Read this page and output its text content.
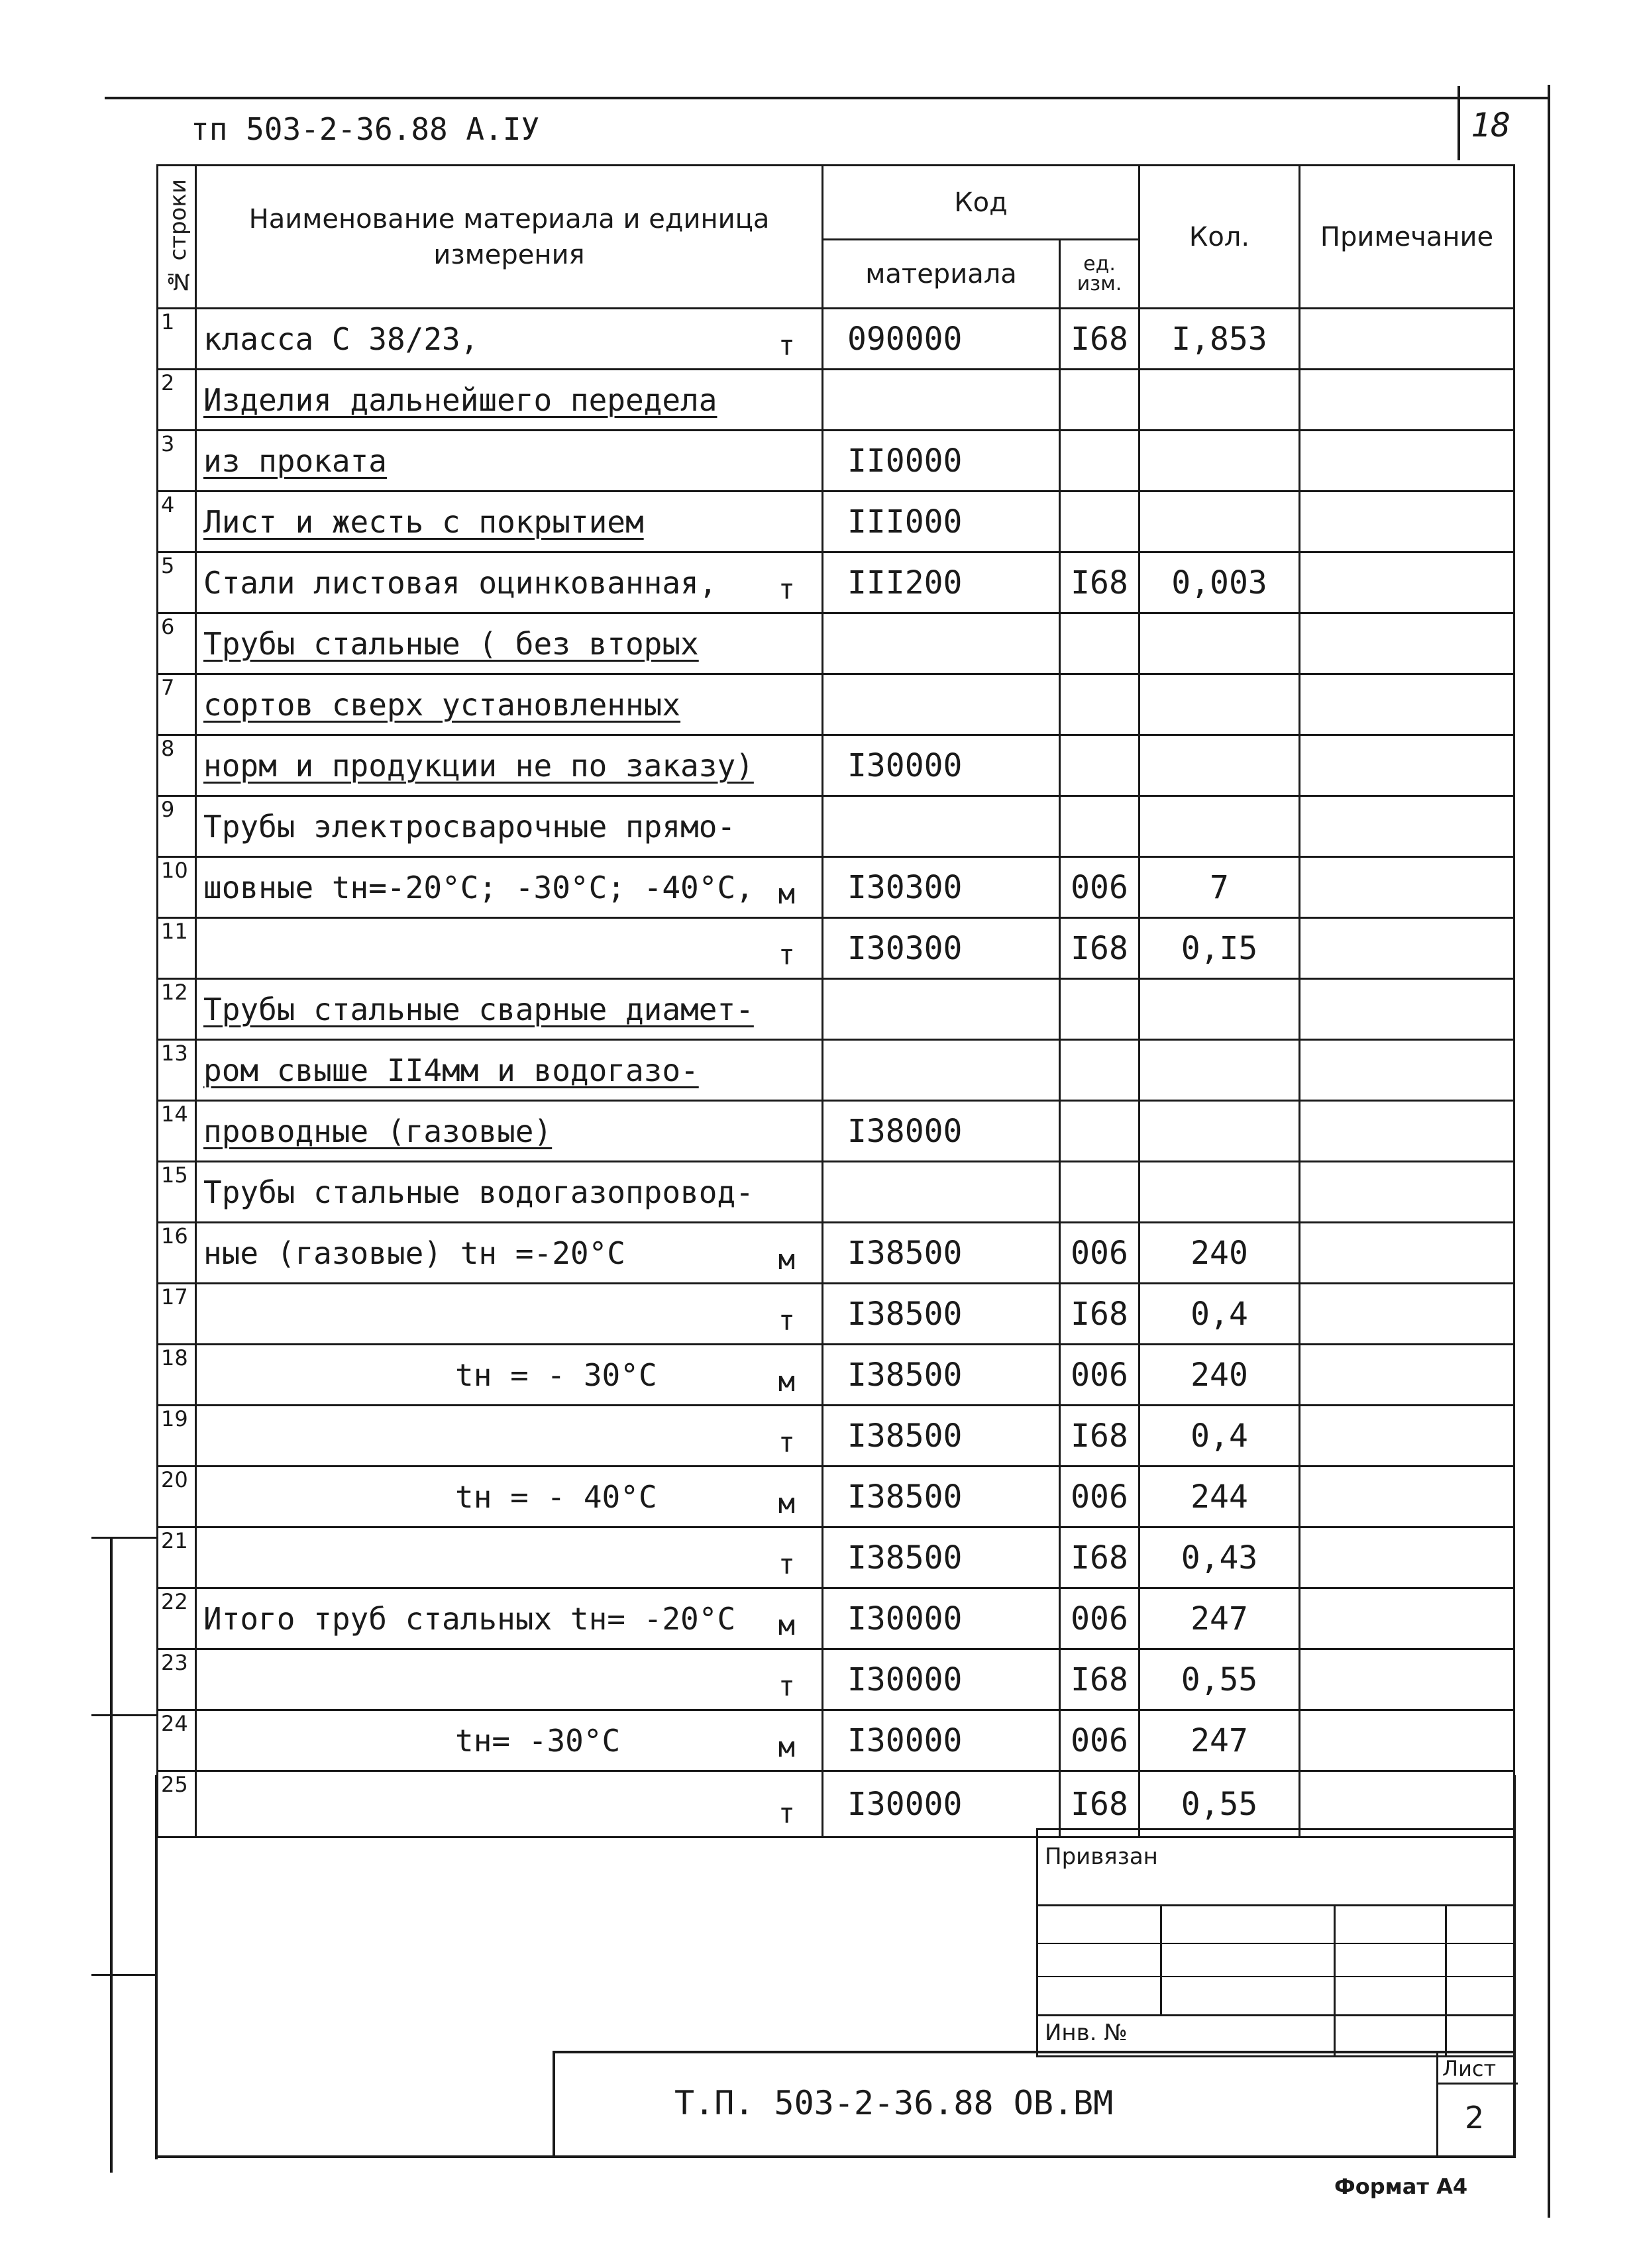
тп 503-2-36.88 А.ІУ	18
№ строки	Наименование материала и единица измерения	Код		Кол.	Примечание
		материала	ед. изм.		
1	класса С 38/23, т	090000	I68	I,853	
2	Изделия дальнейшего передела

3	из проката	II0000			
4	Лист и жесть с покрытием	III000			
5	Стали листовая оцинкованная, т	III200	I68	0,003	
6	Трубы стальные ( без вторых

7	сортов сверх установленных

8	норм и продукции не по заказу)	I30000			
9	Трубы электросварочные прямо-

10	шовные tн=-20°С; -30°С; -40°С, м	I30300	006	7	
11	т	I30300	I68	0,I5	
12	Трубы стальные сварные диамет-

13	ром свыше II4мм и водогазо-

14	проводные (газовые)	I38000			
15	Трубы стальные водогазопровод-

16	ные (газовые) tн =-20°С м	I38500	006	240	
17	т	I38500	I68	0,4	
18	tн = - 30°С м	I38500	006	240	
19	т	I38500	I68	0,4	
20	tн = - 40°С м	I38500	006	244	
21	т	I38500	I68	0,43	
22	Итого труб стальных tн= -20°С м	I30000	006	247	
23	т	I30000	I68	0,55	
24	tн= -30°С м	I30000	006	247	
25	т	I30000	I68	0,55	
Привязан
Инв. №
Т.П. 503-2-36.88 ОВ.ВМ
Лист
2
Формат А4
